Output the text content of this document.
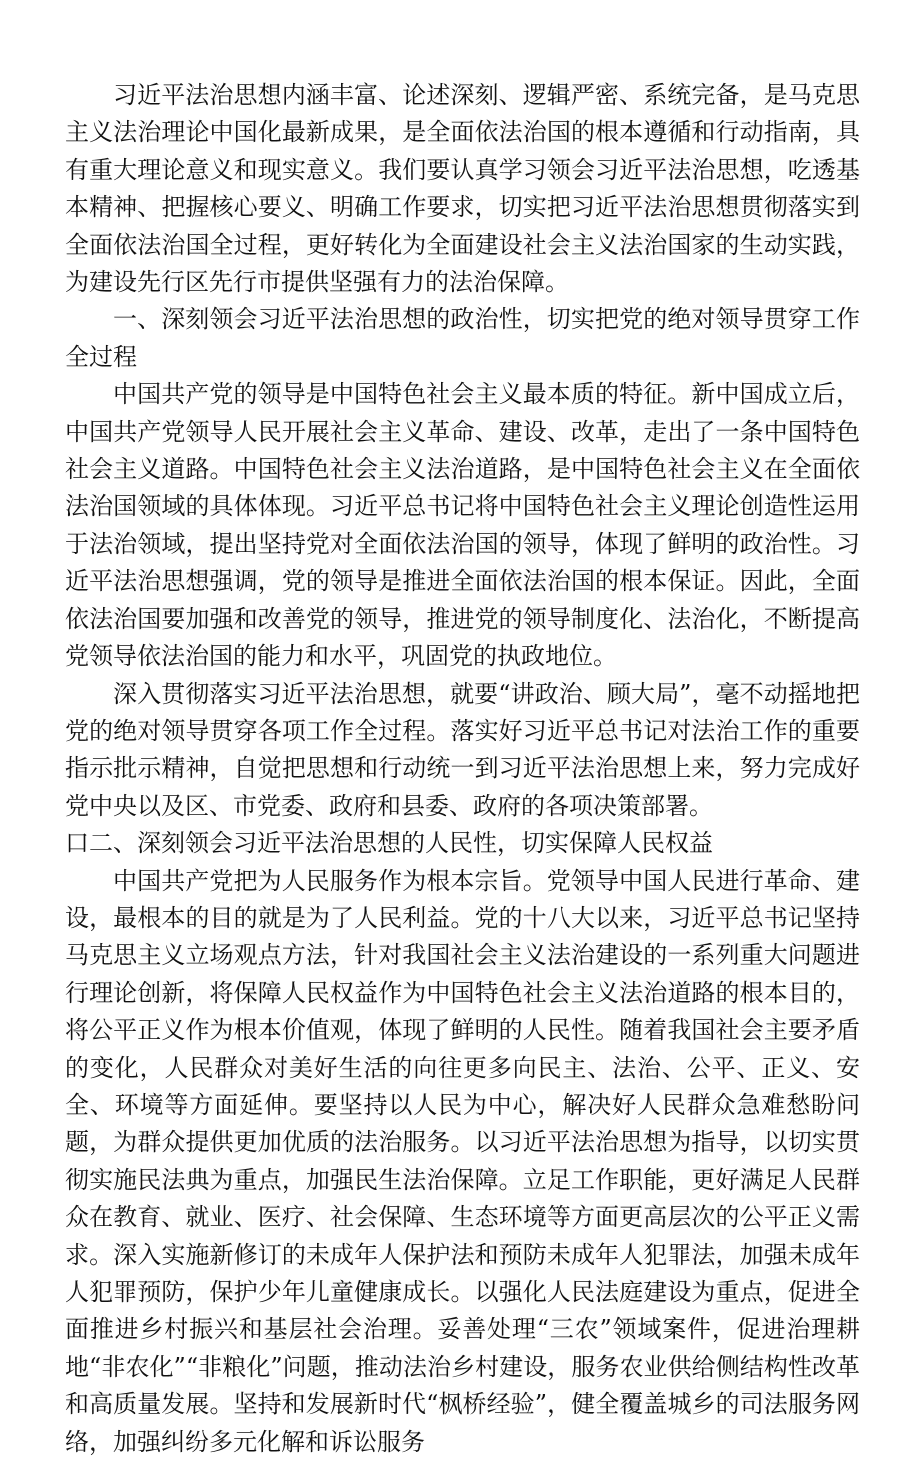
习近平法治思想内涵丰富、论述深刻、逻辑严密、系统完备，是马克思主义法治理论中国化最新成果，是全面依法治国的根本遵循和行动指南，具有重大理论意义和现实意义。我们要认真学习领会习近平法治思想，吃透基本精神、把握核心要义、明确工作要求，切实把习近平法治思想贯彻落实到全面依法治国全过程，更好转化为全面建设社会主义法治国家的生动实践，为建设先行区先行市提供坚强有力的法治保障。

一、深刻领会习近平法治思想的政治性，切实把党的绝对领导贯穿工作全过程

中国共产党的领导是中国特色社会主义最本质的特征。新中国成立后，中国共产党领导人民开展社会主义革命、建设、改革，走出了一条中国特色社会主义道路。中国特色社会主义法治道路，是中国特色社会主义在全面依法治国领域的具体体现。习近平总书记将中国特色社会主义理论创造性运用于法治领域，提出坚持党对全面依法治国的领导，体现了鲜明的政治性。习近平法治思想强调，党的领导是推进全面依法治国的根本保证。因此，全面依法治国要加强和改善党的领导，推进党的领导制度化、法治化，不断提高党领导依法治国的能力和水平，巩固党的执政地位。

深入贯彻落实习近平法治思想，就要“讲政治、顾大局”，毫不动摇地把党的绝对领导贯穿各项工作全过程。落实好习近平总书记对法治工作的重要指示批示精神，自觉把思想和行动统一到习近平法治思想上来，努力完成好党中央以及区、市党委、政府和县委、政府的各项决策部署。

口二、深刻领会习近平法治思想的人民性，切实保障人民权益

中国共产党把为人民服务作为根本宗旨。党领导中国人民进行革命、建设，最根本的目的就是为了人民利益。党的十八大以来，习近平总书记坚持马克思主义立场观点方法，针对我国社会主义法治建设的一系列重大问题进行理论创新，将保障人民权益作为中国特色社会主义法治道路的根本目的，将公平正义作为根本价值观，体现了鲜明的人民性。随着我国社会主要矛盾的变化，人民群众对美好生活的向往更多向民主、法治、公平、正义、安全、环境等方面延伸。要坚持以人民为中心，解决好人民群众急难愁盼问题，为群众提供更加优质的法治服务。以习近平法治思想为指导，以切实贯彻实施民法典为重点，加强民生法治保障。立足工作职能，更好满足人民群众在教育、就业、医疗、社会保障、生态环境等方面更高层次的公平正义需求。深入实施新修订的未成年人保护法和预防未成年人犯罪法，加强未成年人犯罪预防，保护少年儿童健康成长。以强化人民法庭建设为重点，促进全面推进乡村振兴和基层社会治理。妥善处理“三农”领域案件，促进治理耕地“非农化”“非粮化”问题，推动法治乡村建设，服务农业供给侧结构性改革和高质量发展。坚持和发展新时代“枫桥经验”，健全覆盖城乡的司法服务网络，加强纠纷多元化解和诉讼服务
